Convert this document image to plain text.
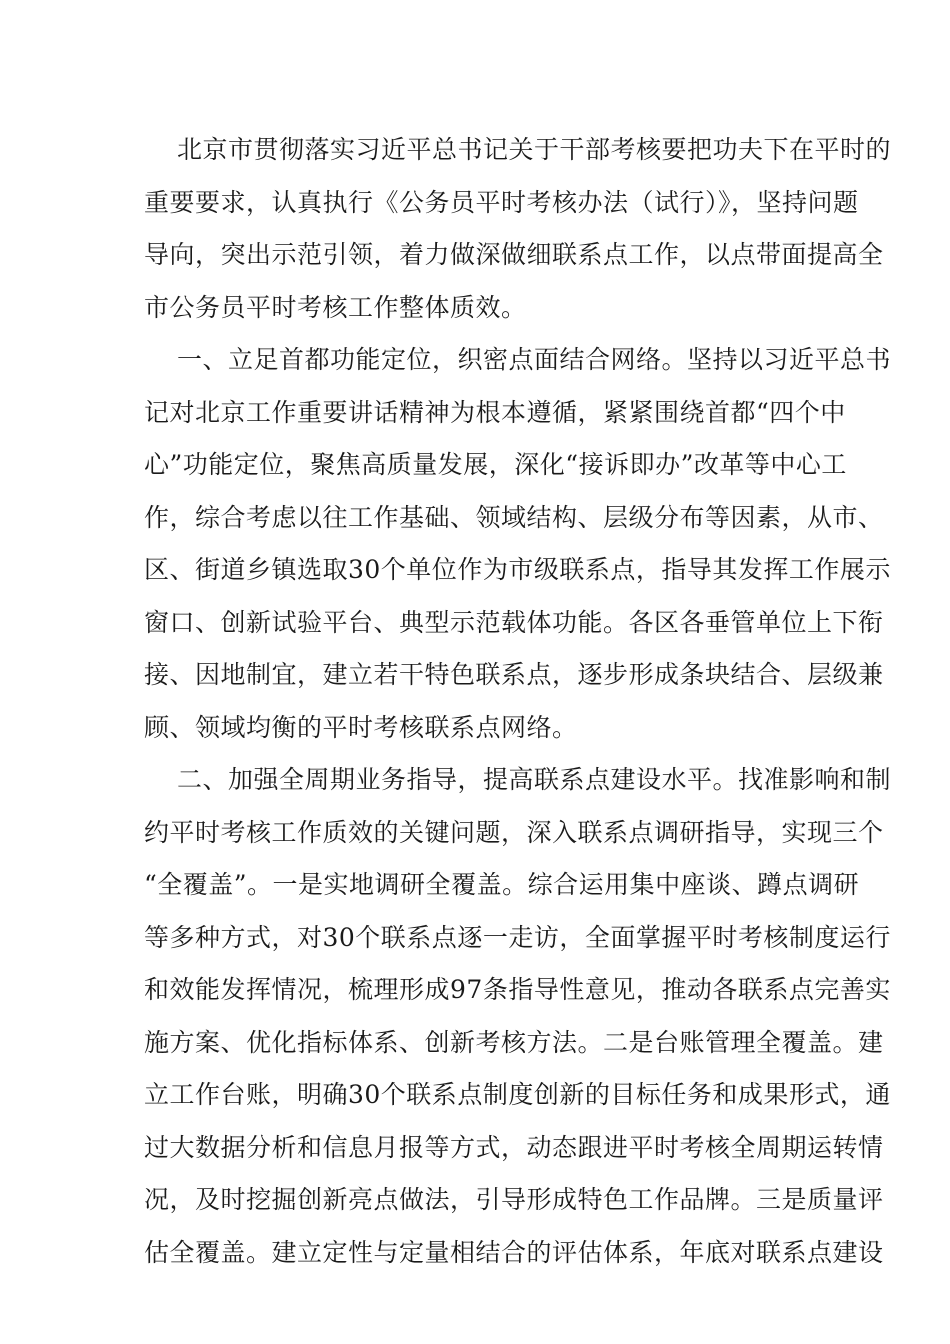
北京市贯彻落实习近平总书记关于干部考核要把功夫下在平时的
重要要求，认真执行《公务员平时考核办法（试行）》，坚持问题
导向，突出示范引领，着力做深做细联系点工作，以点带面提高全
市公务员平时考核工作整体质效。
一、立足首都功能定位，织密点面结合网络。坚持以习近平总书
记对北京工作重要讲话精神为根本遵循，紧紧围绕首都“四个中
心”功能定位，聚焦高质量发展，深化“接诉即办”改革等中心工
作，综合考虑以往工作基础、领域结构、层级分布等因素，从市、
区、街道乡镇选取30个单位作为市级联系点，指导其发挥工作展示
窗口、创新试验平台、典型示范载体功能。各区各垂管单位上下衔
接、因地制宜，建立若干特色联系点，逐步形成条块结合、层级兼
顾、领域均衡的平时考核联系点网络。
二、加强全周期业务指导，提高联系点建设水平。找准影响和制
约平时考核工作质效的关键问题，深入联系点调研指导，实现三个
“全覆盖”。一是实地调研全覆盖。综合运用集中座谈、蹲点调研
等多种方式，对30个联系点逐一走访，全面掌握平时考核制度运行
和效能发挥情况，梳理形成97条指导性意见，推动各联系点完善实
施方案、优化指标体系、创新考核方法。二是台账管理全覆盖。建
立工作台账，明确30个联系点制度创新的目标任务和成果形式，通
过大数据分析和信息月报等方式，动态跟进平时考核全周期运转情
况，及时挖掘创新亮点做法，引导形成特色工作品牌。三是质量评
估全覆盖。建立定性与定量相结合的评估体系，年底对联系点建设
